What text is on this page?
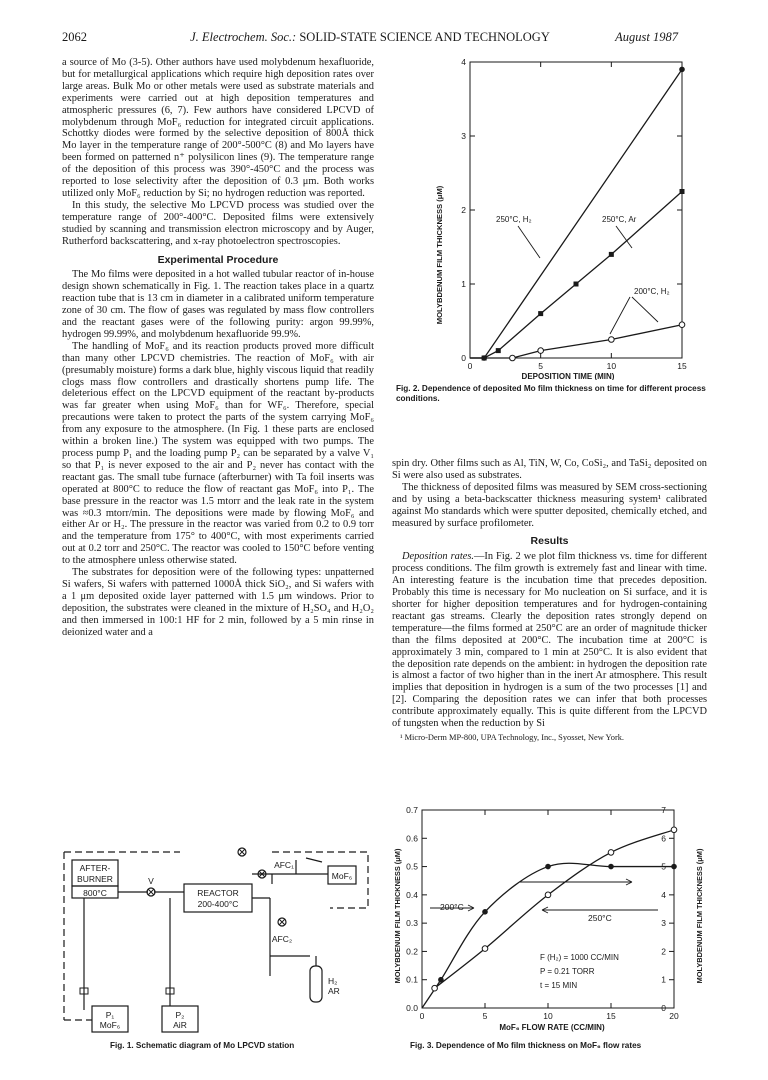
2062	J. Electrochem. Soc.: SOLID-STATE SCIENCE AND TECHNOLOGY	August 1987

a source of Mo (3-5). Other authors have used molybdenum hexafluoride, but for metallurgical applications which require high deposition rates over large areas. Bulk Mo or other metals were used as substrate materials and experiments were carried out at high deposition temperatures and atmospheric pressures (6, 7). Few authors have considered LPCVD of molybdenum through MoF₆ reduction for integrated circuit applications. Schottky diodes were formed by the selective deposition of 800Å thick Mo layer in the temperature range of 200°-500°C (8) and Mo layers have been formed on patterned n⁺ polysilicon lines (9). The temperature range of the deposition of this process was 390°-450°C and the process was reported to lose selectivity after the deposition of 0.3 μm. Both works utilized only MoF₆ reduction by Si; no hydrogen reduction was reported.

In this study, the selective Mo LPCVD process was studied over the temperature range of 200°-400°C. Deposited films were extensively studied by scanning and transmission electron microscopy and by Auger, Rutherford backscattering, and x-ray photoelectron spectroscopies.

Experimental Procedure

The Mo films were deposited in a hot walled tubular reactor of in-house design shown schematically in Fig. 1. The reaction takes place in a quartz reaction tube that is 13 cm in diameter in a calibrated uniform temperature zone of 30 cm. The flow of gases was regulated by mass flow controllers and the reactant gases were of the following purity: argon 99.99%, hydrogen 99.99%, and molybdenum hexafluoride 99.9%.

The handling of MoF₆ and its reaction products proved more difficult than many other LPCVD chemistries. The reaction of MoF₆ with air (presumably moisture) forms a dark blue, highly viscous liquid that readily clogs mass flow controllers and drastically shortens pump life. The deleterious effect on the LPCVD equipment of the reactant by-products was far greater when using MoF₆ than for WF₆. Therefore, special precautions were taken to protect the parts of the system carrying MoF₆ from any exposure to the atmosphere. (In Fig. 1 these parts are enclosed within a broken line.) The system was equipped with two pumps. The process pump P₁ and the loading pump P₂ can be separated by a valve V₁ so that P₁ is never exposed to the air and P₂ never has contact with the reactant gas. The small tube furnace (afterburner) with Ta foil inserts was operated at 800°C to reduce the flow of reactant gas MoF₆ into P₁. The base pressure in the reactor was 1.5 mtorr and the leak rate in the system was ≈0.3 mtorr/min. The depositions were made by flowing MoF₆ and either Ar or H₂. The pressure in the reactor was varied from 0.2 to 0.9 torr and the temperature from 175° to 400°C, with most experiments carried out at 0.2 torr and 250°C. The reactor was cooled to 150°C before venting to the atmosphere unless otherwise stated.

The substrates for deposition were of the following types: unpatterned Si wafers, Si wafers with patterned 1000Å thick SiO₂, and Si wafers with a 1 μm deposited oxide layer patterned with 1.5 μm windows. Prior to deposition, the substrates were cleaned in the mixture of H₂SO₄ and H₂O₂ and then immersed in 100:1 HF for 2 min, followed by a 5 min rinse in deionized water and a

AFTER-
BURNER
800°C
V
REACTOR
200-400°C
AFC₁
AFC₂
MoF₆
H₂
AR
P₁
MoF₆
P₂
AiR
Fig. 1. Schematic diagram of Mo LPCVD station
0	5	10	15
0
1
2
3
4
DEPOSITION TIME (MIN)
MOLYBDENUM FILM THICKNESS (μM)	250°C, H₂	250°C, Ar
200°C, H₂
Fig. 2. Dependence of deposited Mo film thickness on time for different process conditions.

spin dry. Other films such as Al, TiN, W, Co, CoSi₂, and TaSi₂ deposited on Si were also used as substrates.

The thickness of deposited films was measured by SEM cross-sectioning and by using a beta-backscatter thickness measuring system¹ calibrated against Mo standards which were sputter deposited, chemically etched, and measured by surface profilometer.

Results

Deposition rates.—In Fig. 2 we plot film thickness vs. time for different process conditions. The film growth is extremely fast and linear with time. An interesting feature is the incubation time that precedes deposition. Probably this time is necessary for Mo nucleation on Si surface, and it is shorter for higher deposition temperatures and for hydrogen-containing reactant gas streams. Clearly the deposition rates strongly depend on temperature—the films formed at 250°C are an order of magnitude thicker than the films deposited at 200°C. The incubation time at 200°C is approximately 3 min, compared to 1 min at 250°C. It is also evident that the deposition rate depends on the ambient: in hydrogen the deposition rate is almost a factor of two higher than in the inert Ar atmosphere. This result implies that deposition in hydrogen is a sum of the two processes [1] and [2]. Comparing the deposition rates we can infer that both processes contribute approximately equally. This is quite different from the LPCVD of tungsten when the reduction by Si

¹ Micro-Derm MP-800, UPA Technology, Inc., Syosset, New York.

0	5	10	15	20
0.0
0.1
0.2
0.3
0.4
0.5
0.6
0.7
0
1
2
3
4
5
6
7
MoF₆ FLOW RATE (CC/MIN)
MOLYBDENUM FILM THICKNESS (μM)	MOLYBDENUM FILM THICKNESS (μM)
200°C
250°C
F (H₂) = 1000 CC/MIN
P = 0.21 TORR
t = 15 MIN
Fig. 3. Dependence of Mo film thickness on MoF₆ flow rates
